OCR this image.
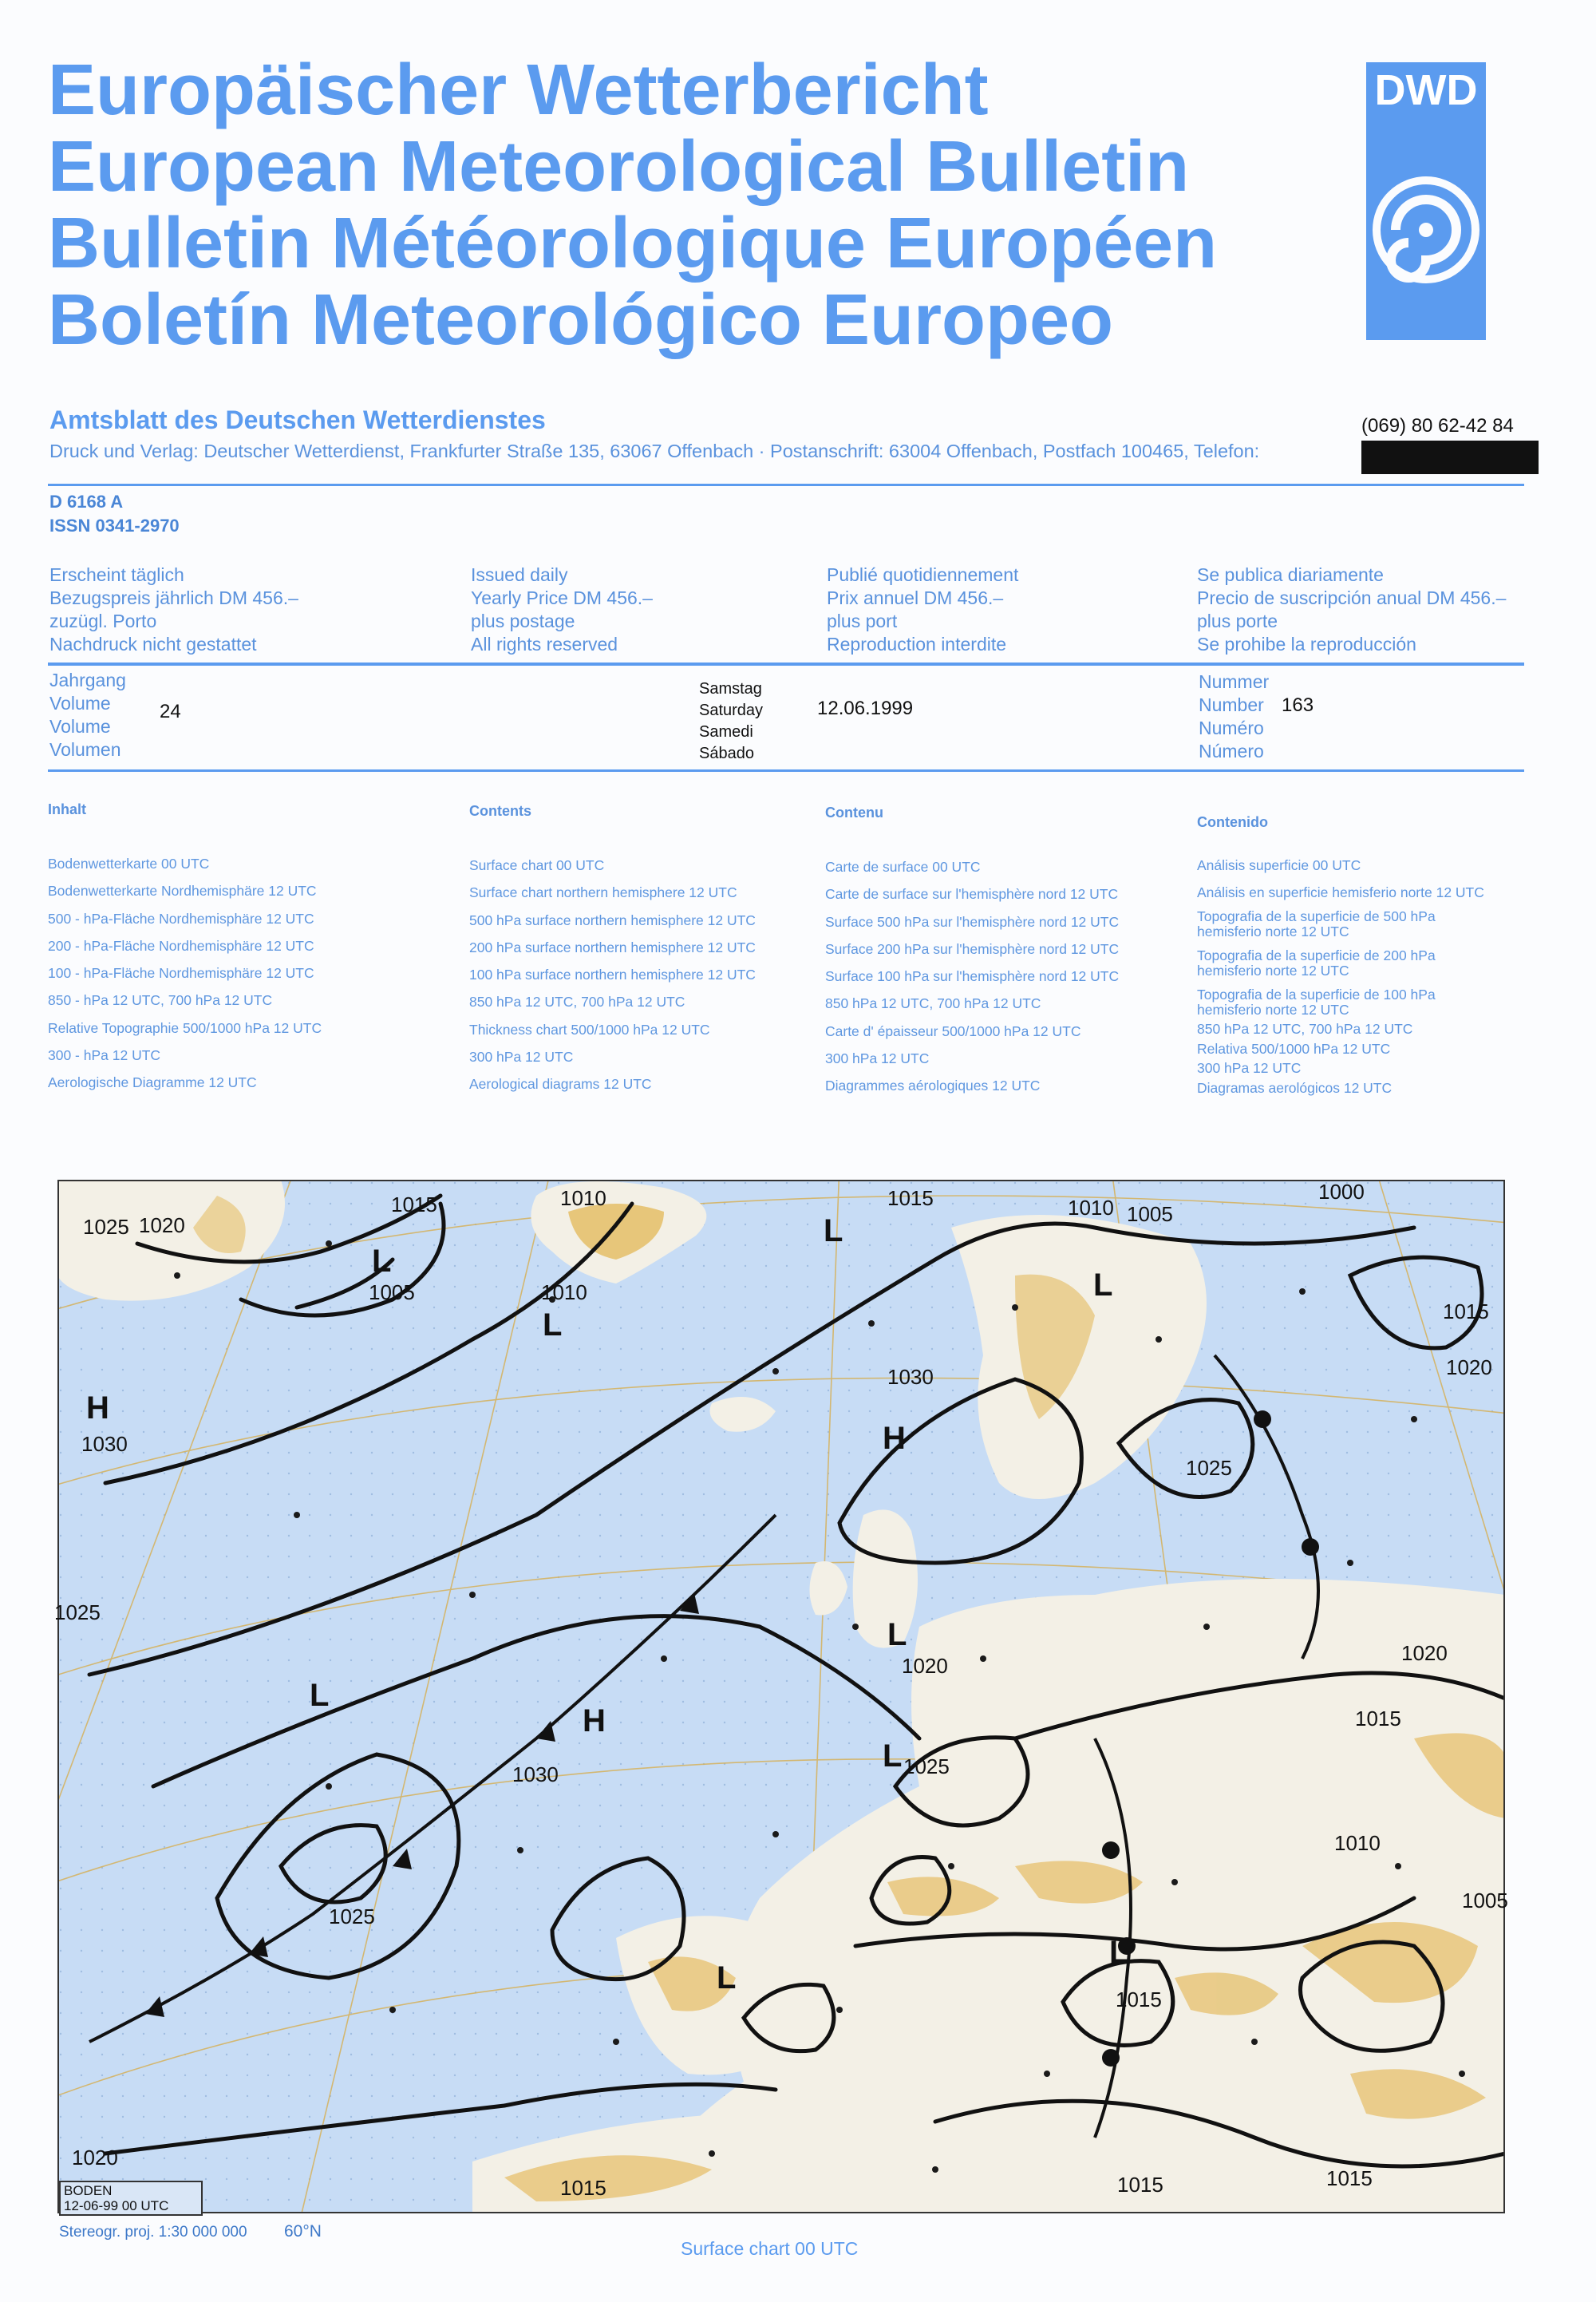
Europäischer Wetterbericht
European Meteorological Bulletin
Bulletin Météorologique Européen
Boletín Meteorológico Europeo
DWD
Amtsblatt des Deutschen Wetterdienstes
Druck und Verlag: Deutscher Wetterdienst, Frankfurter Straße 135, 63067 Offenbach · Postanschrift: 63004 Offenbach, Postfach 100465, Telefon:
(069) 80 62-42 84
D 6168 A
ISSN 0341-2970
Erscheint täglich
Bezugspreis jährlich DM 456.–
zuzügl. Porto
Nachdruck nicht gestattet
Issued daily
Yearly Price DM 456.–
plus postage
All rights reserved
Publié quotidiennement
Prix annuel DM 456.–
plus port
Reproduction interdite
Se publica diariamente
Precio de suscripción anual DM 456.–
plus porte
Se prohibe la reproducción
Jahrgang
Volume
Volume
Volumen
24
Samstag
Saturday
Samedi
Sábado
12.06.1999
Nummer
Number
Numéro
Número
163
Inhalt
Bodenwetterkarte 00 UTC
Bodenwetterkarte Nordhemisphäre 12 UTC
500 - hPa-Fläche Nordhemisphäre 12 UTC
200 - hPa-Fläche Nordhemisphäre 12 UTC
100 - hPa-Fläche Nordhemisphäre 12 UTC
850 - hPa 12 UTC, 700 hPa 12 UTC
Relative Topographie 500/1000 hPa 12 UTC
300 - hPa 12 UTC
Aerologische Diagramme 12 UTC
Contents
Surface chart 00 UTC
Surface chart northern hemisphere 12 UTC
500 hPa surface northern hemisphere 12 UTC
200 hPa surface northern hemisphere 12 UTC
100 hPa surface northern hemisphere 12 UTC
850 hPa 12 UTC, 700 hPa 12 UTC
Thickness chart 500/1000 hPa 12 UTC
300 hPa 12 UTC
Aerological diagrams 12 UTC
Contenu
Carte de surface 00 UTC
Carte de surface sur l'hemisphère nord 12 UTC
Surface 500 hPa sur l'hemisphère nord 12 UTC
Surface 200 hPa sur l'hemisphère nord 12 UTC
Surface 100 hPa sur l'hemisphère nord 12 UTC
850 hPa 12 UTC, 700 hPa 12 UTC
Carte d' épaisseur 500/1000 hPa 12 UTC
300 hPa 12 UTC
Diagrammes aérologiques 12 UTC
Contenido
Análisis superficie 00 UTC
Análisis en superficie hemisferio norte 12 UTC
Topografia de la superficie de 500 hPa hemisferio norte 12 UTC
Topografia de la superficie de 200 hPa hemisferio norte 12 UTC
Topografia de la superficie de 100 hPa hemisferio norte 12 UTC
850 hPa 12 UTC, 700 hPa 12 UTC
Relativa 500/1000 hPa 12 UTC
300 hPa 12 UTC
Diagramas aerológicos 12 UTC
1015	1010	1010
1015
1005
1000
1020
1025
1005	1010
1030
1025
1020
1015
1025
1030
1030
1025
1020
1025
1020
1015
1010
1005
1015
1015	1015
1015
1020
H
H
H
L
L
L
L
L
L
L
L
L
BODEN
12-06-99 00 UTC
Stereogr. proj. 1:30 000 000 60°N
Surface chart 00 UTC
